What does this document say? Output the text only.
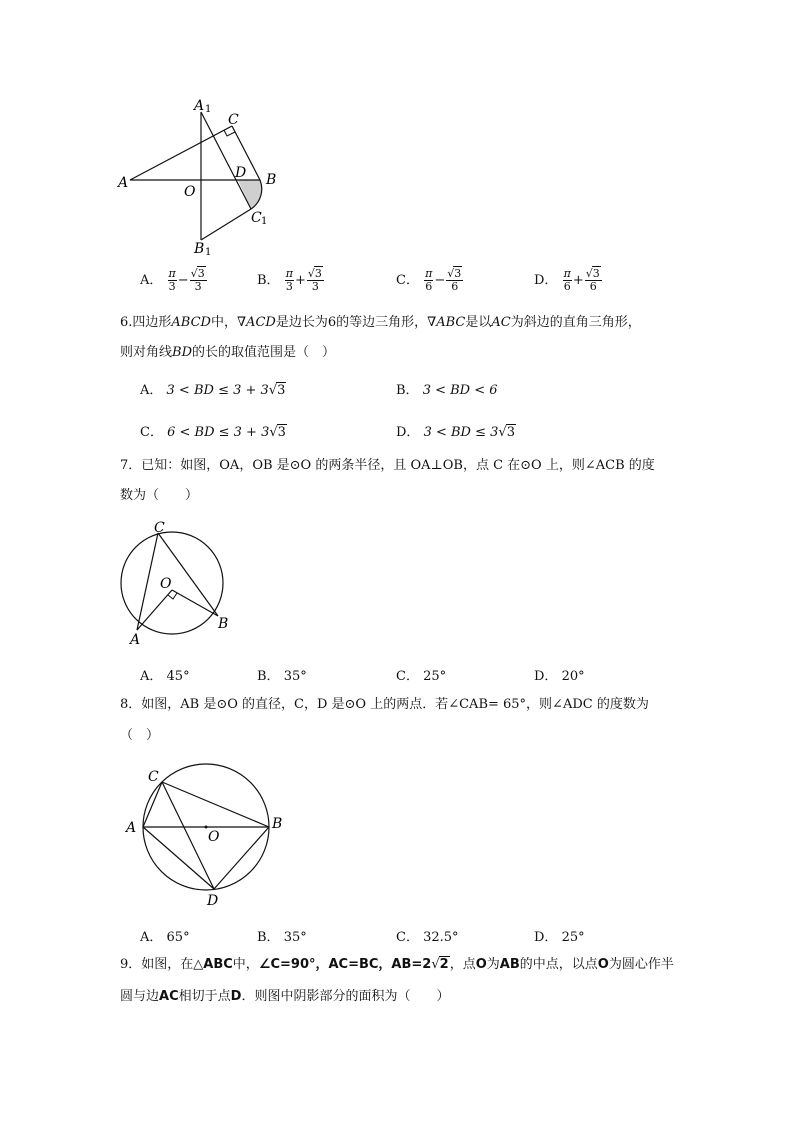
A 1
C
A
O
D B
C 1
B 1
A． $\frac{\pi}{3} - \frac{√3}{3}$	B． $\frac{\pi}{3} + \frac{√3}{3}$	C． $\frac{\pi}{6} - \frac{√3}{6}$	D． $\frac{\pi}{6} + \frac{√3}{6}$
6.四边形ABCD中，∇ACD是边长为6的等边三角形，∇ABC是以AC为斜边的直角三角形，
则对角线BD的长的取值范围是（　）
A． 3 < BD ≤ 3 + 3√3	B． 3 < BD < 6
C． 6 < BD ≤ 3 + 3√3	D． 3 < BD ≤ 3√3
7．已知：如图，OA，OB 是⊙O 的两条半径，且 OA⊥OB，点 C 在⊙O 上，则∠ACB 的度
数为（　　）
C
O
A
B
A． 45°	B． 35°	C． 25°	D． 20°
8．如图，AB 是⊙O 的直径，C，D 是⊙O 上的两点．若∠CAB= 65°，则∠ADC 的度数为
（　）
C
A	B
O
D
A． 65°	B． 35°	C． 32.5°	D． 25°
9．如图，在△ABC中，∠C=90°，AC=BC，AB=2√2，点O为AB的中点，以点O为圆心作半
圆与边AC相切于点D．则图中阴影部分的面积为（　　）
